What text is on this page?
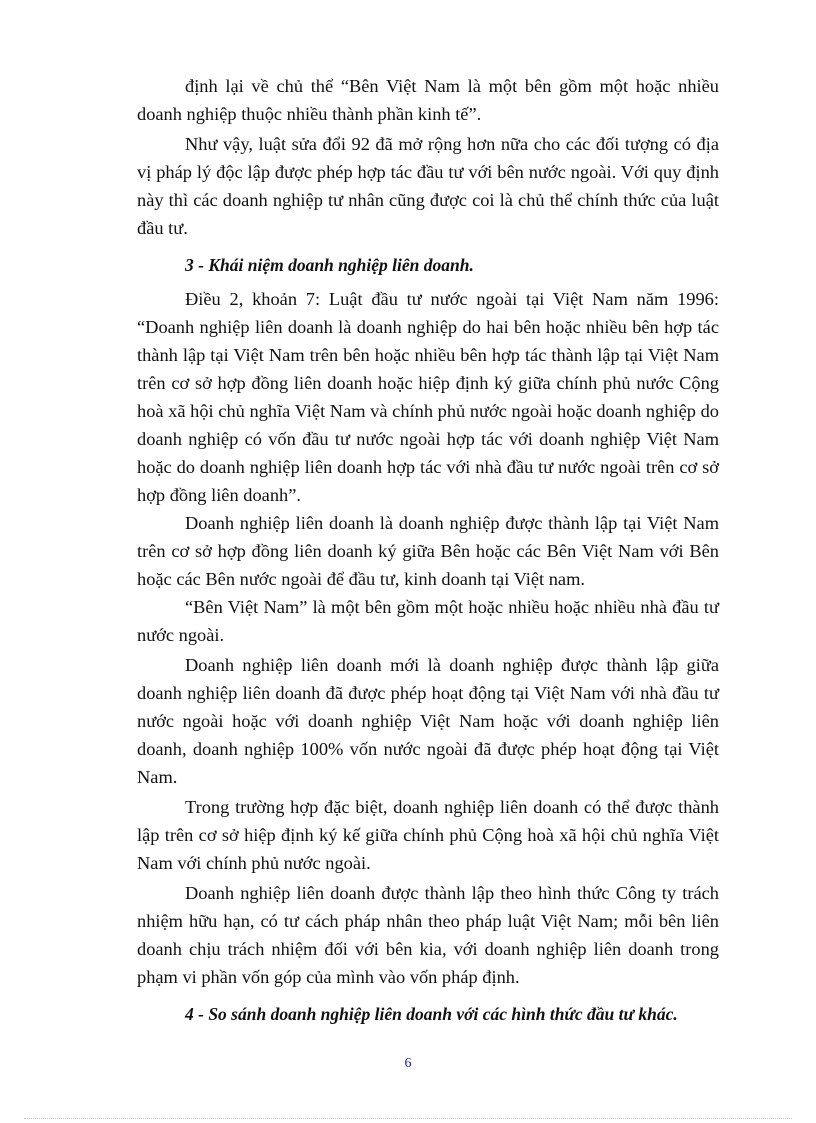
định lại về chủ thể “Bên Việt Nam là một bên gồm một hoặc nhiều doanh nghiệp thuộc nhiều thành phần kinh tế”.

Như vậy, luật sửa đổi 92 đã mở rộng hơn nữa cho các đối tượng có địa vị pháp lý độc lập được phép hợp tác đầu tư với bên nước ngoài. Với quy định này thì các doanh nghiệp tư nhân cũng được coi là chủ thể chính thức của luật đầu tư.

3 - Khái niệm doanh nghiệp liên doanh.

Điều 2, khoản 7: Luật đầu tư nước ngoài tại Việt Nam năm 1996: “Doanh nghiệp liên doanh là doanh nghiệp do hai bên hoặc nhiều bên hợp tác thành lập tại Việt Nam trên bên hoặc nhiều bên hợp tác thành lập tại Việt Nam trên cơ sở hợp đồng liên doanh hoặc hiệp định ký giữa chính phủ nước Cộng hoà xã hội chủ nghĩa Việt Nam và chính phủ nước ngoài hoặc doanh nghiệp do doanh nghiệp có vốn đầu tư nước ngoài hợp tác với doanh nghiệp Việt Nam hoặc do doanh nghiệp liên doanh hợp tác với nhà đầu tư nước ngoài trên cơ sở hợp đồng liên doanh”.

Doanh nghiệp liên doanh là doanh nghiệp được thành lập tại Việt Nam trên cơ sở hợp đồng liên doanh ký giữa Bên hoặc các Bên Việt Nam với Bên hoặc các Bên nước ngoài để đầu tư, kinh doanh tại Việt nam.

“Bên Việt Nam” là một bên gồm một hoặc nhiều hoặc nhiều nhà đầu tư nước ngoài.

Doanh nghiệp liên doanh mới là doanh nghiệp được thành lập giữa doanh nghiệp liên doanh đã được phép hoạt động tại Việt Nam với nhà đầu tư nước ngoài hoặc với doanh nghiệp Việt Nam hoặc với doanh nghiệp liên doanh, doanh nghiệp 100% vốn nước ngoài đã được phép hoạt động tại Việt Nam.

Trong trường hợp đặc biệt, doanh nghiệp liên doanh có thể được thành lập trên cơ sở hiệp định ký kế giữa chính phủ Cộng hoà xã hội chủ nghĩa Việt Nam với chính phủ nước ngoài.

Doanh nghiệp liên doanh được thành lập theo hình thức Công ty trách nhiệm hữu hạn, có tư cách pháp nhân theo pháp luật Việt Nam; mỗi bên liên doanh chịu trách nhiệm đối với bên kia, với doanh nghiệp liên doanh trong phạm vi phần vốn góp của mình vào vốn pháp định.

4 - So sánh doanh nghiệp liên doanh với các hình thức đầu tư khác.

6
